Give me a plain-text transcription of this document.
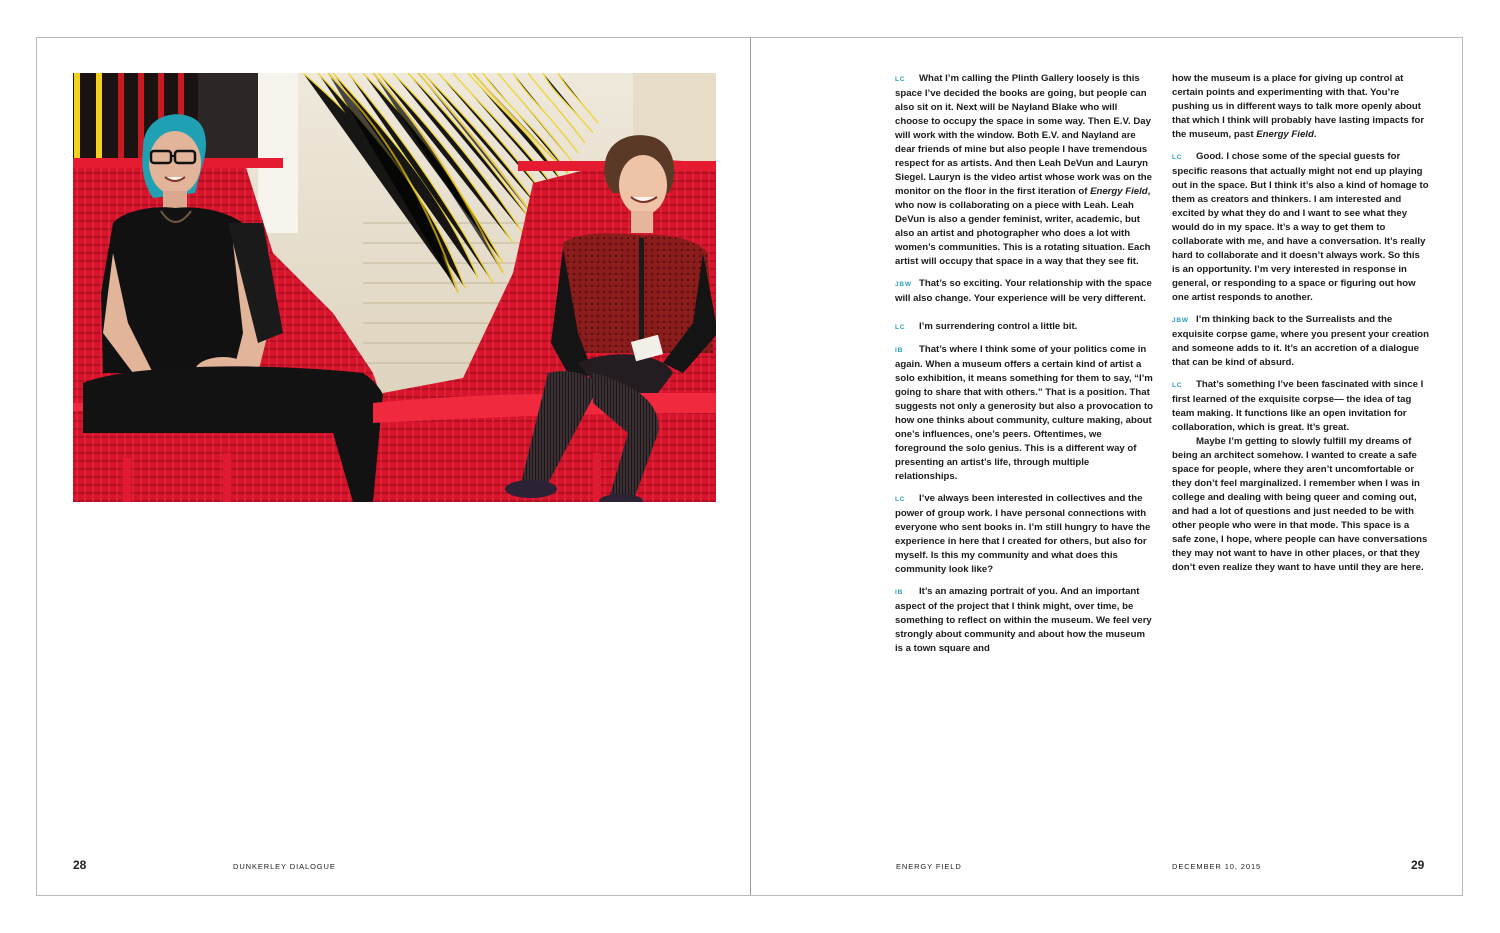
28	DUNKERLEY DIALOGUE

LC What I’m calling the Plinth Gallery loosely is this space I’ve decided the books are going, but people can also sit on it. Next will be Nayland Blake who will choose to occupy the space in some way. Then E.V. Day will work with the window. Both E.V. and Nayland are dear friends of mine but also people I have tremendous respect for as artists. And then Leah DeVun and Lauryn Siegel. Lauryn is the video artist whose work was on the monitor on the floor in the first iteration of Energy Field, who now is collaborating on a piece with Leah. Leah DeVun is also a gender feminist, writer, academic, but also an artist and photographer who does a lot with women’s communities. This is a rotating situation. Each artist will occupy that space in a way that they see fit.

JBW That’s so exciting. Your relationship with the space will also change. Your experience will be very different.

LC I’m surrendering control a little bit.

IB That’s where I think some of your politics come in again. When a museum offers a certain kind of artist a solo exhibition, it means something for them to say, “I’m going to share that with others.” That is a position. That suggests not only a generosity but also a provocation to how one thinks about community, culture making, about one’s influences, one’s peers. Oftentimes, we foreground the solo genius. This is a different way of presenting an artist’s life, through multiple relationships.

LC I’ve always been interested in collectives and the power of group work. I have personal connections with everyone who sent books in. I’m still hungry to have the experience in here that I created for others, but also for myself. Is this my community and what does this community look like?

IB It’s an amazing portrait of you. And an important aspect of the project that I think might, over time, be something to reflect on within the museum. We feel very strongly about community and about how the museum is a town square and

how the museum is a place for giving up control at certain points and experimenting with that. You’re pushing us in different ways to talk more openly about that which I think will probably have lasting impacts for the museum, past Energy Field.

LC Good. I chose some of the special guests for specific reasons that actually might not end up playing out in the space. But I think it’s also a kind of homage to them as creators and thinkers. I am interested and excited by what they do and I want to see what they would do in my space. It’s a way to get them to collaborate with me, and have a conversation. It’s really hard to collaborate and it doesn’t always work. So this is an opportunity. I’m very interested in response in general, or responding to a space or figuring out how one artist responds to another.

JBW I’m thinking back to the Surrealists and the exquisite corpse game, where you present your creation and someone adds to it. It’s an accretion of a dialogue that can be kind of absurd.

LC That’s something I’ve been fascinated with since I first learned of the exquisite corpse— the idea of tag team making. It functions like an open invitation for collaboration, which is great. It’s great.

Maybe I’m getting to slowly fulfill my dreams of being an architect somehow. I wanted to create a safe space for people, where they aren’t uncomfortable or they don’t feel marginalized. I remember when I was in college and dealing with being queer and coming out, and had a lot of questions and just needed to be with other people who were in that mode. This space is a safe zone, I hope, where people can have conversations they may not want to have in other places, or that they don’t even realize they want to have until they are here.

ENERGY FIELD	DECEMBER 10, 2015	29
